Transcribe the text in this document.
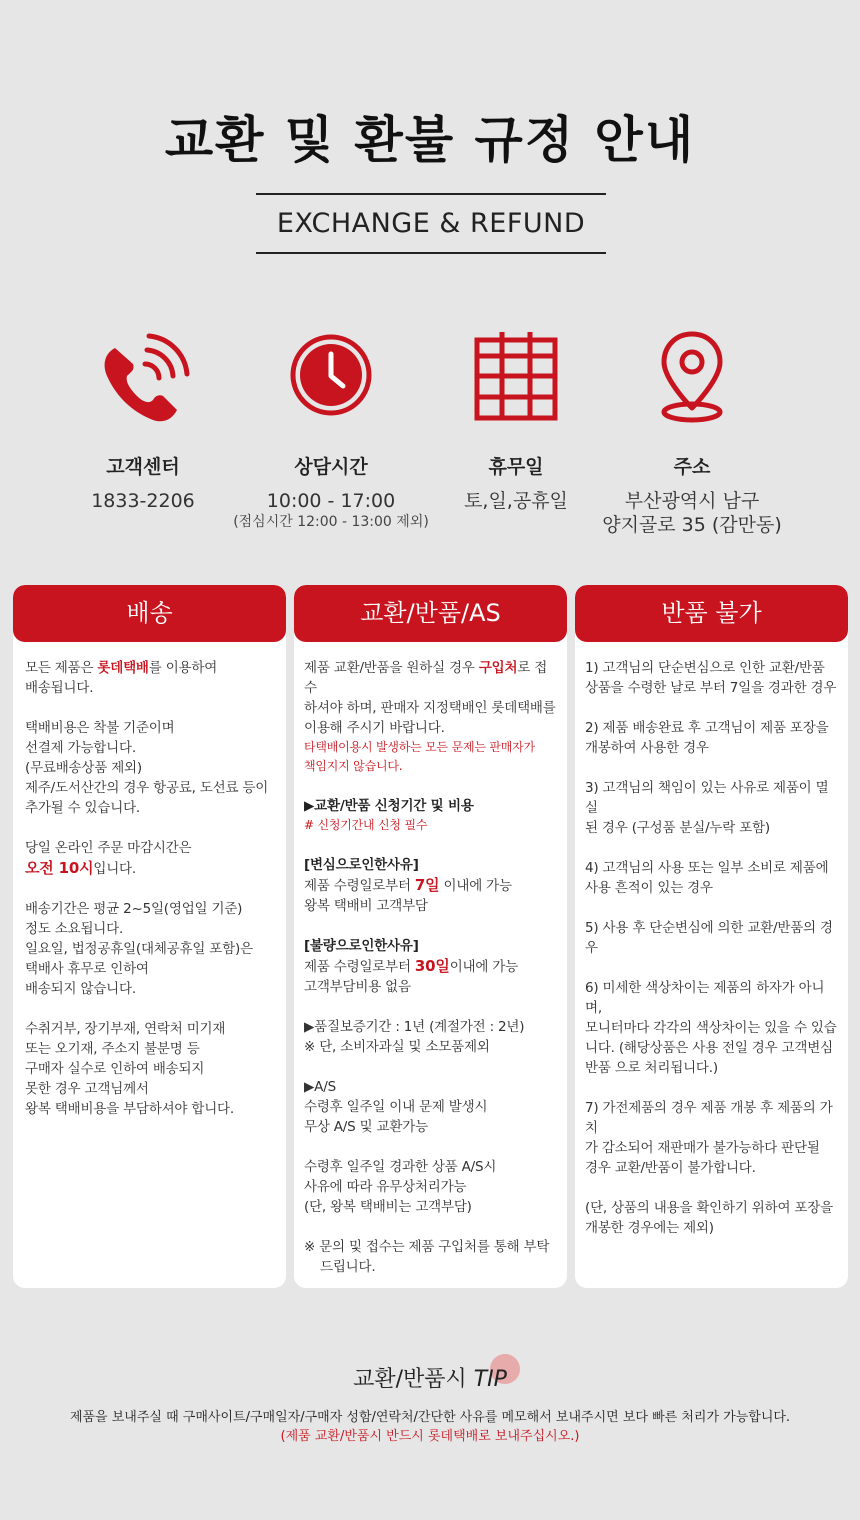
교환 및 환불 규정 안내
EXCHANGE & REFUND
고객센터
1833-2206
상담시간
10:00 - 17:00
(점심시간 12:00 - 13:00 제외)
휴무일
토,일,공휴일
주소
부산광역시 남구
양지골로 35 (감만동)
배송
모든 제품은 롯데택배를 이용하여
배송됩니다.
택배비용은 착불 기준이며
선결제 가능합니다.
(무료배송상품 제외)
제주/도서산간의 경우 항공료, 도선료 등이
추가될 수 있습니다.
당일 온라인 주문 마감시간은
오전 10시입니다.
배송기간은 평균 2~5일(영업일 기준)
정도 소요됩니다.
일요일, 법정공휴일(대체공휴일 포함)은
택배사 휴무로 인하여
배송되지 않습니다.
수취거부, 장기부재, 연락처 미기재
또는 오기재, 주소지 불분명 등
구매자 실수로 인하여 배송되지
못한 경우 고객님께서
왕복 택배비용을 부담하셔야 합니다.
교환/반품/AS
제품 교환/반품을 원하실 경우 구입처로 접수
하셔야 하며, 판매자 지정택배인 롯데택배를
이용해 주시기 바랍니다.
타택배이용시 발생하는 모든 문제는 판매자가
책임지지 않습니다.
▶교환/반품 신청기간 및 비용
# 신청기간내 신청 필수
[변심으로인한사유]
제품 수령일로부터 7일 이내에 가능
왕복 택배비 고객부담
[불량으로인한사유]
제품 수령일로부터 30일이내에 가능
고객부담비용 없음
▶품질보증기간 : 1년 (계절가전 : 2년)
※ 단, 소비자과실 및 소모품제외
▶A/S
수령후 일주일 이내 문제 발생시
무상 A/S 및 교환가능
수령후 일주일 경과한 상품 A/S시
사유에 따라 유무상처리가능
(단, 왕복 택배비는 고객부담)
※ 문의 및 접수는 제품 구입처를 통해 부탁
드립니다.
반품 불가
1) 고객님의 단순변심으로 인한 교환/반품
상품을 수령한 날로 부터 7일을 경과한 경우
2) 제품 배송완료 후 고객님이 제품 포장을
개봉하여 사용한 경우
3) 고객님의 책임이 있는 사유로 제품이 멸실
된 경우 (구성품 분실/누락 포함)
4) 고객님의 사용 또는 일부 소비로 제품에
사용 흔적이 있는 경우
5) 사용 후 단순변심에 의한 교환/반품의 경우
6) 미세한 색상차이는 제품의 하자가 아니며,
모니터마다 각각의 색상차이는 있을 수 있습
니다. (해당상품은 사용 전일 경우 고객변심
반품 으로 처리됩니다.)
7) 가전제품의 경우 제품 개봉 후 제품의 가치
가 감소되어 재판매가 불가능하다 판단될
경우 교환/반품이 불가합니다.
(단, 상품의 내용을 확인하기 위하여 포장을
개봉한 경우에는 제외)
교환/반품시 TIP
제품을 보내주실 때 구매사이트/구매일자/구매자 성함/연락처/간단한 사유를 메모해서 보내주시면 보다 빠른 처리가 가능합니다.
(제품 교환/반품시 반드시 롯데택배로 보내주십시오.)
